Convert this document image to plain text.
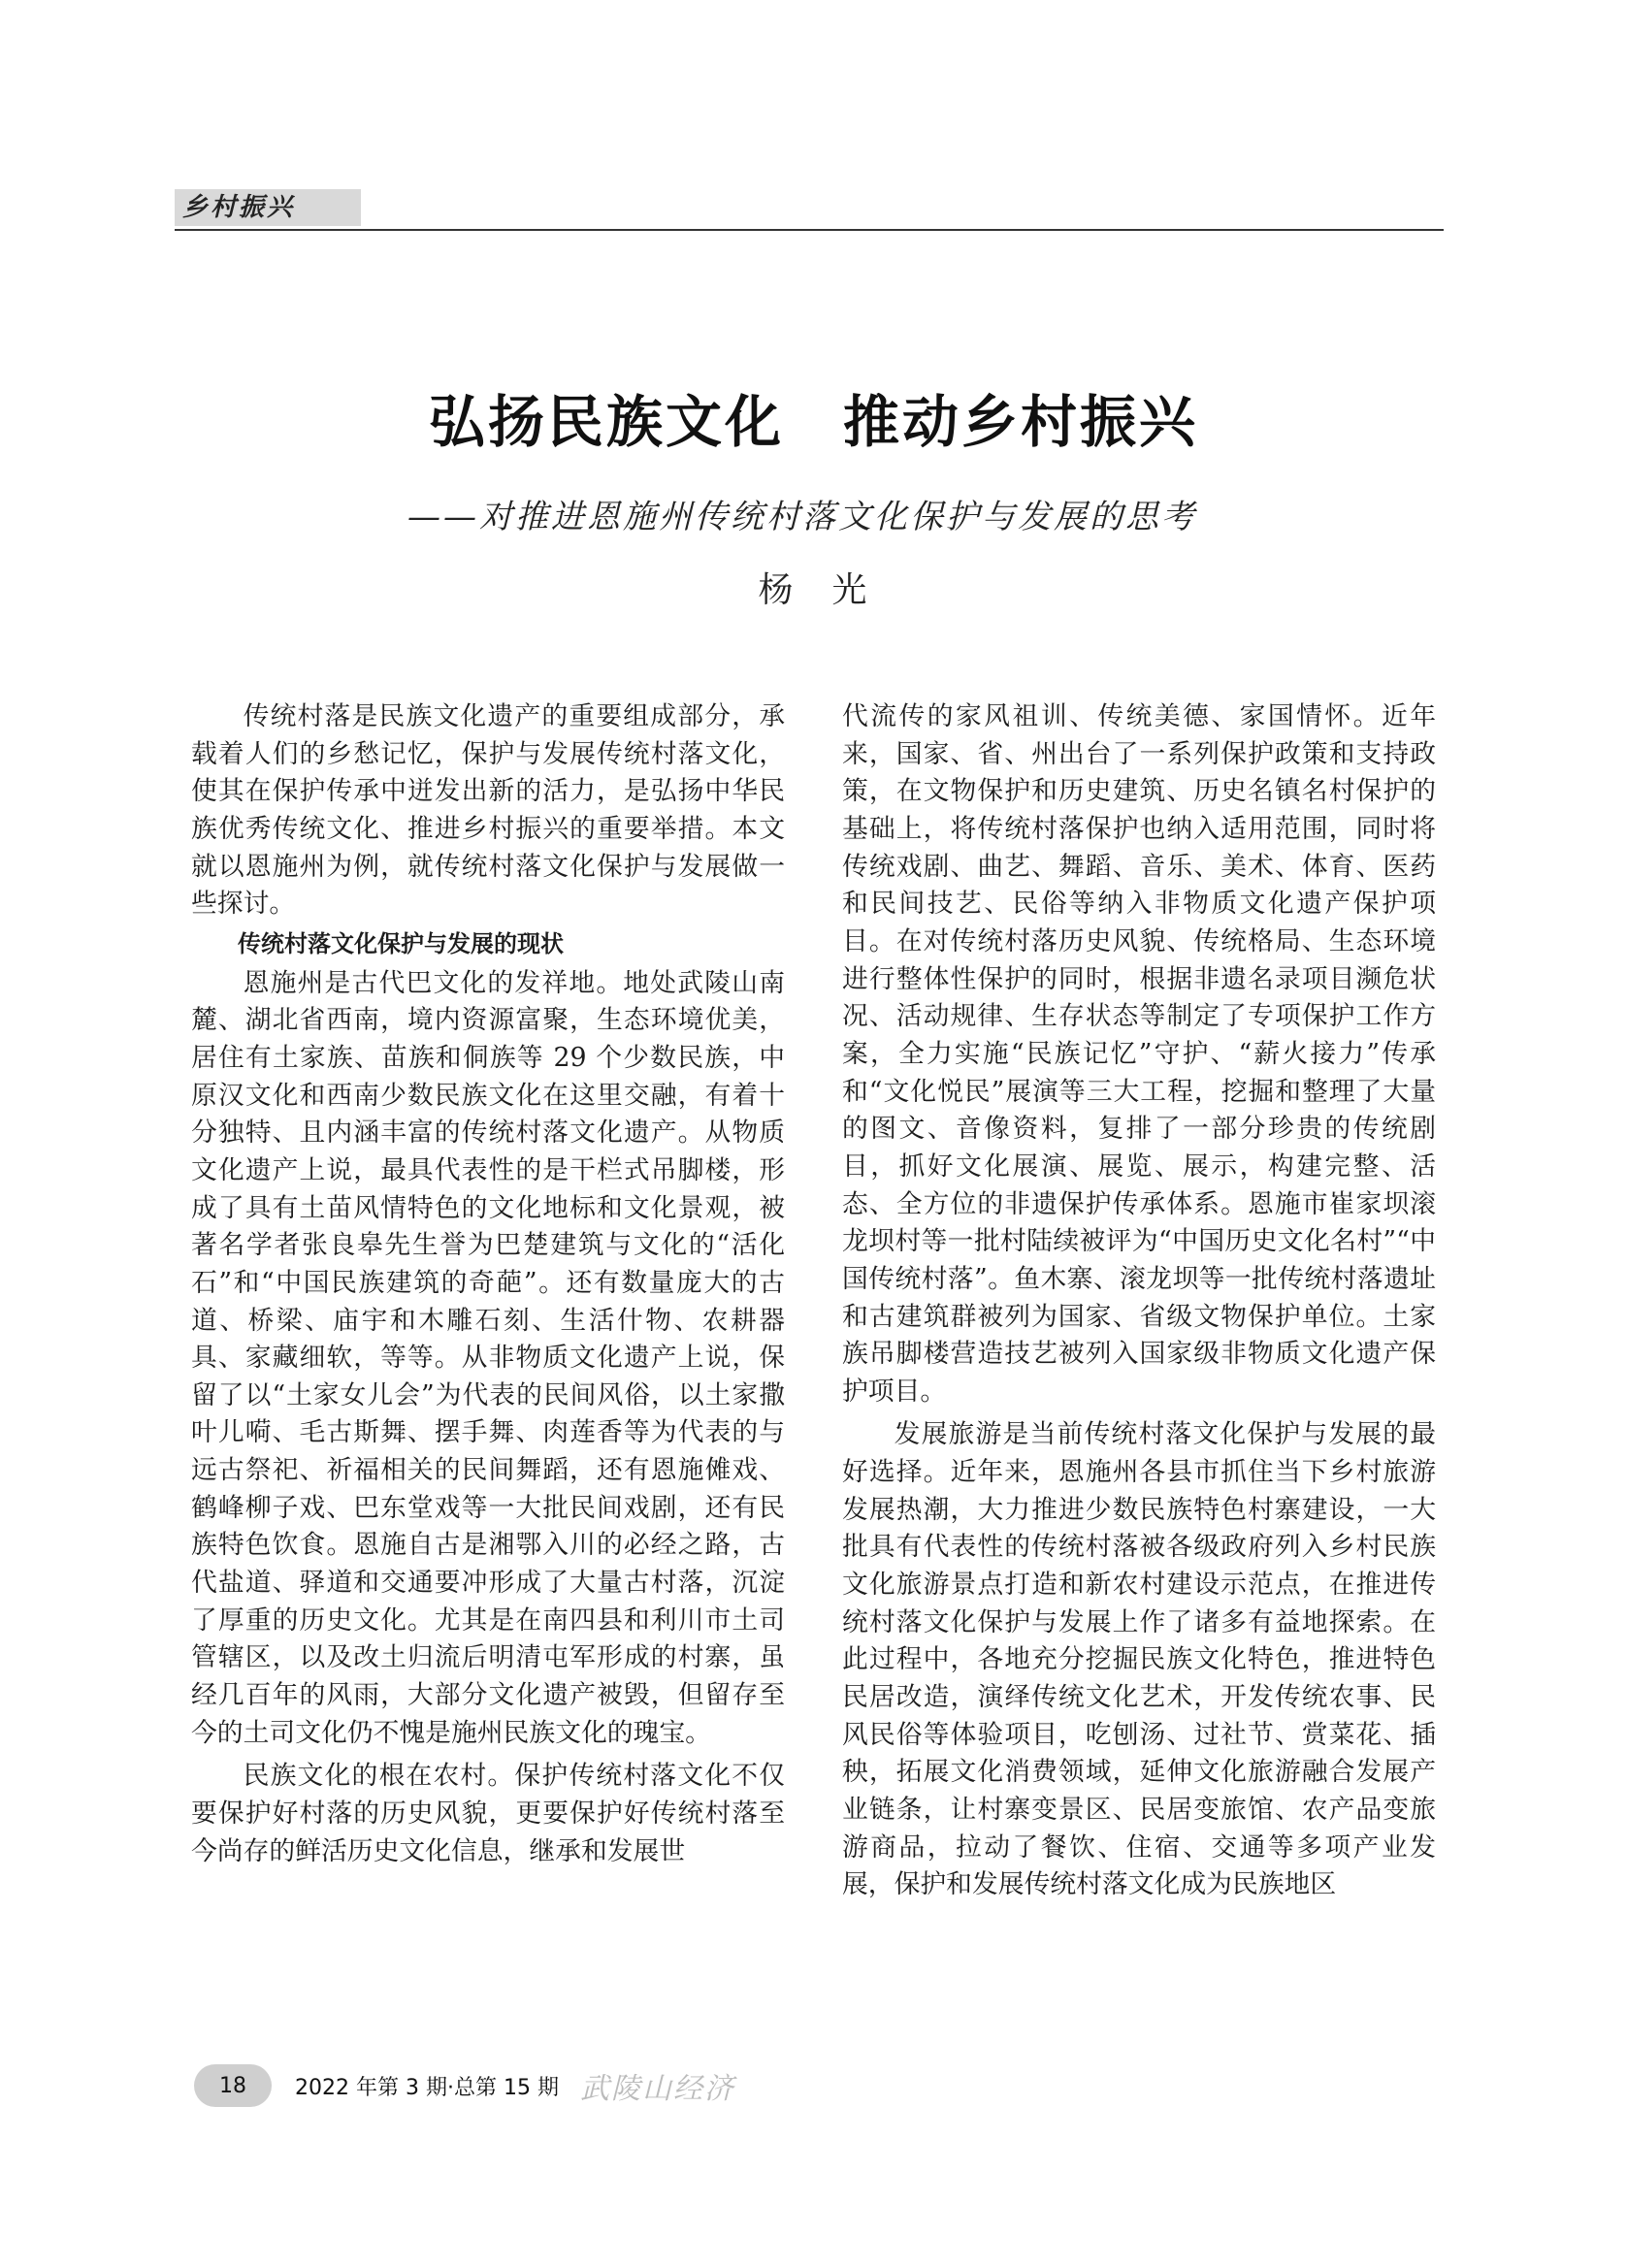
乡村振兴
弘扬民族文化　推动乡村振兴
——对推进恩施州传统村落文化保护与发展的思考
杨　光

传统村落是民族文化遗产的重要组成部分，承载着人们的乡愁记忆，保护与发展传统村落文化，使其在保护传承中迸发出新的活力，是弘扬中华民族优秀传统文化、推进乡村振兴的重要举措。本文就以恩施州为例，就传统村落文化保护与发展做一些探讨。

传统村落文化保护与发展的现状

恩施州是古代巴文化的发祥地。地处武陵山南麓、湖北省西南，境内资源富聚，生态环境优美，居住有土家族、苗族和侗族等 29 个少数民族，中原汉文化和西南少数民族文化在这里交融，有着十分独特、且内涵丰富的传统村落文化遗产。从物质文化遗产上说，最具代表性的是干栏式吊脚楼，形成了具有土苗风情特色的文化地标和文化景观，被著名学者张良皋先生誉为巴楚建筑与文化的“活化石”和“中国民族建筑的奇葩”。还有数量庞大的古道、桥梁、庙宇和木雕石刻、生活什物、农耕器具、家藏细软，等等。从非物质文化遗产上说，保留了以“土家女儿会”为代表的民间风俗，以土家撒叶儿嗬、毛古斯舞、摆手舞、肉莲香等为代表的与远古祭祀、祈福相关的民间舞蹈，还有恩施傩戏、鹤峰柳子戏、巴东堂戏等一大批民间戏剧，还有民族特色饮食。恩施自古是湘鄂入川的必经之路，古代盐道、驿道和交通要冲形成了大量古村落，沉淀了厚重的历史文化。尤其是在南四县和利川市土司管辖区，以及改土归流后明清屯军形成的村寨，虽经几百年的风雨，大部分文化遗产被毁，但留存至今的土司文化仍不愧是施州民族文化的瑰宝。

民族文化的根在农村。保护传统村落文化不仅要保护好村落的历史风貌，更要保护好传统村落至今尚存的鲜活历史文化信息，继承和发展世

代流传的家风祖训、传统美德、家国情怀。近年来，国家、省、州出台了一系列保护政策和支持政策，在文物保护和历史建筑、历史名镇名村保护的基础上，将传统村落保护也纳入适用范围，同时将传统戏剧、曲艺、舞蹈、音乐、美术、体育、医药和民间技艺、民俗等纳入非物质文化遗产保护项目。在对传统村落历史风貌、传统格局、生态环境进行整体性保护的同时，根据非遗名录项目濒危状况、活动规律、生存状态等制定了专项保护工作方案，全力实施“民族记忆”守护、“薪火接力”传承和“文化悦民”展演等三大工程，挖掘和整理了大量的图文、音像资料，复排了一部分珍贵的传统剧目，抓好文化展演、展览、展示，构建完整、活态、全方位的非遗保护传承体系。恩施市崔家坝滚龙坝村等一批村陆续被评为“中国历史文化名村”“中国传统村落”。鱼木寨、滚龙坝等一批传统村落遗址和古建筑群被列为国家、省级文物保护单位。土家族吊脚楼营造技艺被列入国家级非物质文化遗产保护项目。

发展旅游是当前传统村落文化保护与发展的最好选择。近年来，恩施州各县市抓住当下乡村旅游发展热潮，大力推进少数民族特色村寨建设，一大批具有代表性的传统村落被各级政府列入乡村民族文化旅游景点打造和新农村建设示范点，在推进传统村落文化保护与发展上作了诸多有益地探索。在此过程中，各地充分挖掘民族文化特色，推进特色民居改造，演绎传统文化艺术，开发传统农事、民风民俗等体验项目，吃刨汤、过社节、赏菜花、插秧，拓展文化消费领域，延伸文化旅游融合发展产业链条，让村寨变景区、民居变旅馆、农产品变旅游商品，拉动了餐饮、住宿、交通等多项产业发展，保护和发展传统村落文化成为民族地区

18	2022 年第 3 期·总第 15 期 武陵山经济
